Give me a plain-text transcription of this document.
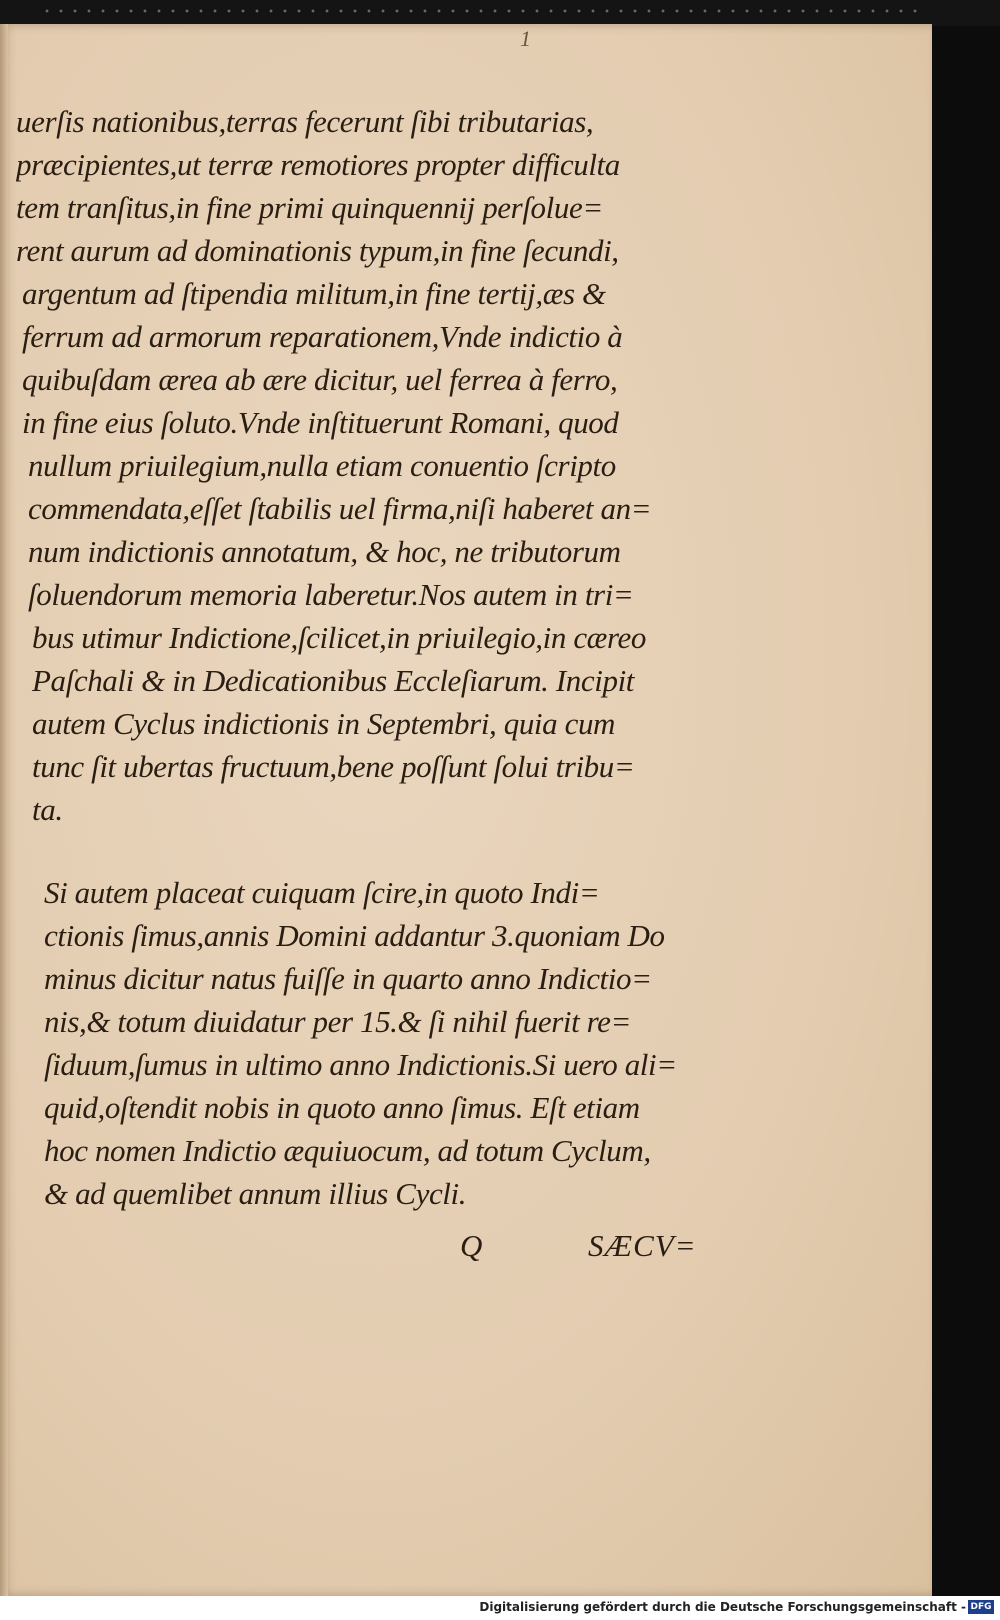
1
uerſis nationibus,terras fecerunt ſibi tributarias,
præcipientes,ut terræ remotiores propter difficulta
tem tranſitus,in fine primi quinquennij perſolue=
rent aurum ad dominationis typum,in fine ſecundi,
argentum ad ſtipendia militum,in fine tertij,æs &
ferrum ad armorum reparationem,Vnde indictio à
quibuſdam ærea ab ære dicitur, uel ferrea à ferro,
in fine eius ſoluto.Vnde inſtituerunt Romani, quod
nullum priuilegium,nulla etiam conuentio ſcripto
commendata,eſſet ſtabilis uel firma,niſi haberet an=
num indictionis annotatum, & hoc, ne tributorum
ſoluendorum memoria laberetur.Nos autem in tri=
bus utimur Indictione,ſcilicet,in priuilegio,in cæreo
Paſchali & in Dedicationibus Eccleſiarum. Incipit
autem Cyclus indictionis in Septembri, quia cum
tunc ſit ubertas fructuum,bene poſſunt ſolui tribu=
ta.
Si autem placeat cuiquam ſcire,in quoto Indi=
ctionis ſimus,annis Domini addantur 3.quoniam Do
minus dicitur natus fuiſſe in quarto anno Indictio=
nis,& totum diuidatur per 15.& ſi nihil fuerit re=
ſiduum,ſumus in ultimo anno Indictionis.Si uero ali=
quid,oſtendit nobis in quoto anno ſimus. Eſt etiam
hoc nomen Indictio æquiuocum, ad totum Cyclum,
& ad quemlibet annum illius Cycli.
Q	SÆCV=
Digitalisierung gefördert durch die Deutsche Forschungsgemeinschaft - DFG
